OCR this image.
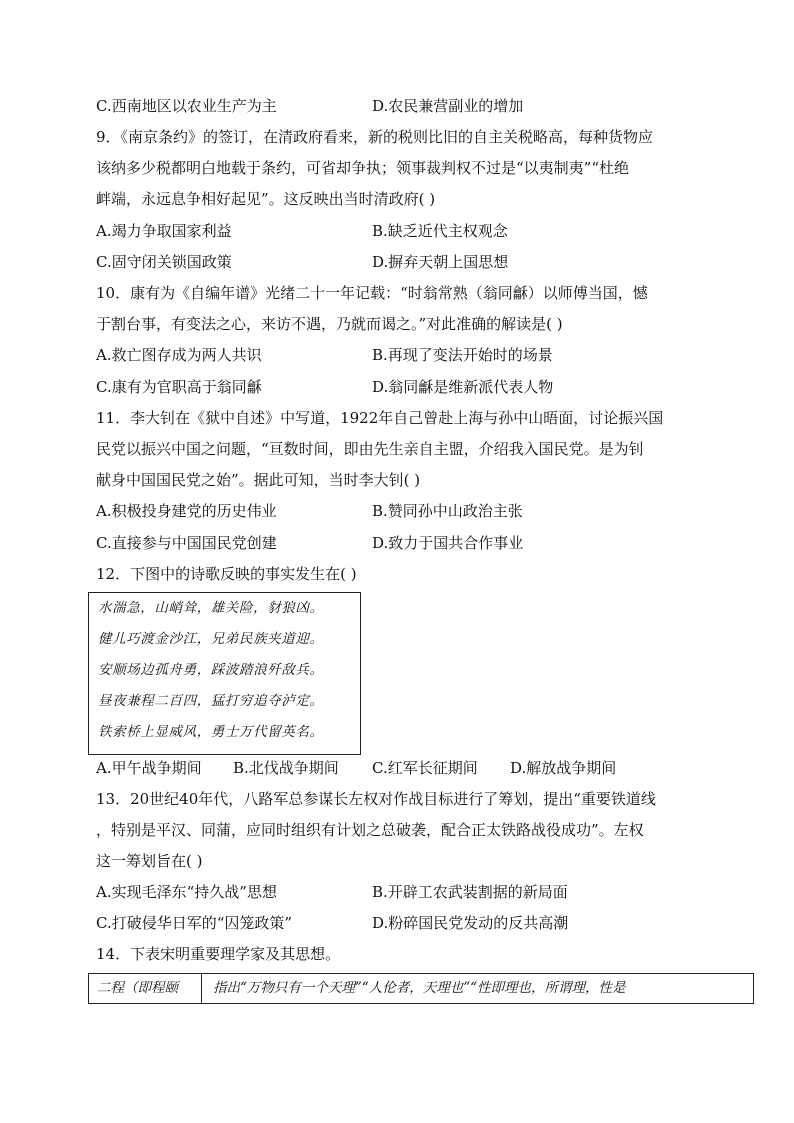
C.西南地区以农业生产为主	D.农民兼营副业的增加
9．《南京条约》的签订，在清政府看来，新的税则比旧的自主关税略高，每种货物应
该纳多少税都明白地载于条约，可省却争执；领事裁判权不过是“以夷制夷”“杜绝
衅端，永远息争相好起见”。这反映出当时清政府( )
A.竭力争取国家利益	B.缺乏近代主权观念
C.固守闭关锁国政策	D.摒弃天朝上国思想
10．康有为《自编年谱》光绪二十一年记载：“时翁常熟（翁同龢）以师傅当国，憾
于割台事，有变法之心，来访不遇，乃就而谒之。”对此准确的解读是( )
A.救亡图存成为两人共识	B.再现了变法开始时的场景
C.康有为官职高于翁同龢	D.翁同龢是维新派代表人物
11．李大钊在《狱中自述》中写道，1922年自己曾赴上海与孙中山晤面，讨论振兴国
民党以振兴中国之问题，“亘数时间，即由先生亲自主盟，介绍我入国民党。是为钊
献身中国国民党之始”。据此可知，当时李大钊( )
A.积极投身建党的历史伟业	B.赞同孙中山政治主张
C.直接参与中国国民党创建	D.致力于国共合作事业
12．下图中的诗歌反映的事实发生在( )
水湍急，山峭耸，雄关险，豺狼凶。
健儿巧渡金沙江，兄弟民族夹道迎。
安顺场边孤舟勇，踩波踏浪歼敌兵。
昼夜兼程二百四，猛打穷追夺泸定。
铁索桥上显威风，勇士万代留英名。
A.甲午战争期间 B.北伐战争期间 C.红军长征期间 D.解放战争期间
13．20世纪40年代，八路军总参谋长左权对作战目标进行了筹划，提出“重要铁道线
，特别是平汉、同蒲，应同时组织有计划之总破袭，配合正太铁路战役成功”。左权
这一筹划旨在( )
A.实现毛泽东“持久战”思想	B.开辟工农武装割据的新局面
C.打破侵华日军的“囚笼政策”	D.粉碎国民党发动的反共高潮
14．下表宋明重要理学家及其思想。
二程（即程颐	指出“万物只有一个天理”“人伦者，天理也”“性即理也，所谓理，性是
